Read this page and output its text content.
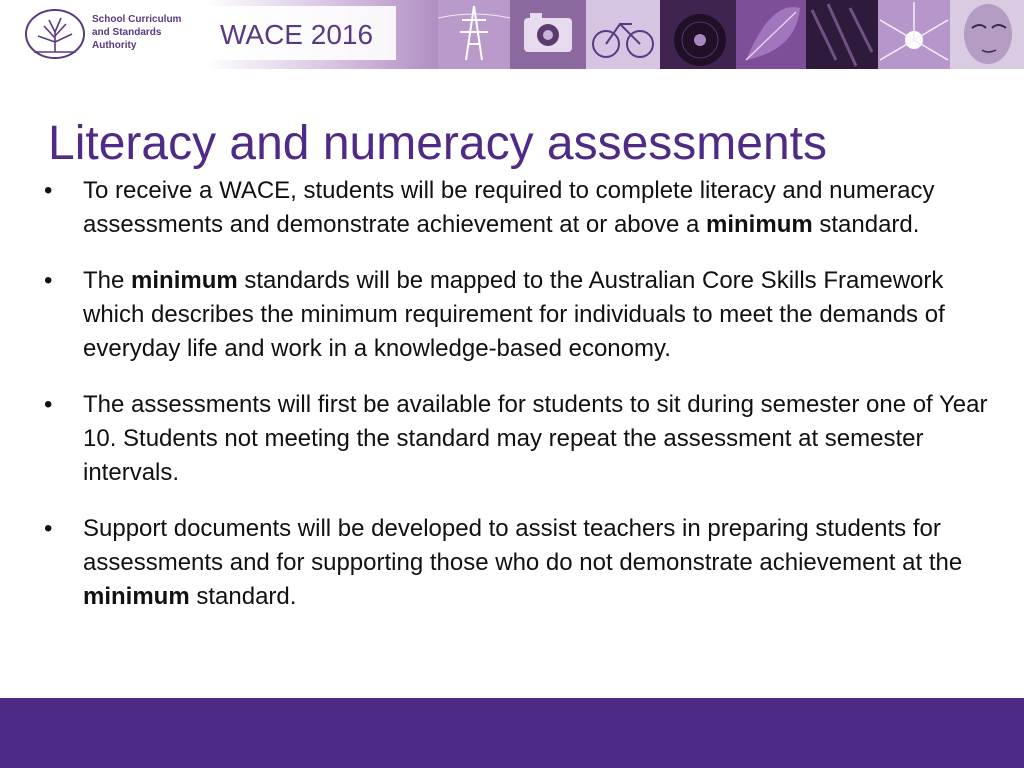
School Curriculum
and Standards
Authority	WACE 2016
Literacy and numeracy assessments
•	To receive a WACE, students will be required to complete literacy and numeracy assessments and demonstrate achievement at or above a minimum standard.
•	The minimum standards will be mapped to the Australian Core Skills Framework which describes the minimum requirement for individuals to meet the demands of everyday life and work in a knowledge-based economy.
•	The assessments will first be available for students to sit during semester one of Year 10. Students not meeting the standard may repeat the assessment at semester intervals.
•	Support documents will be developed to assist teachers in preparing students for assessments and for supporting those who do not demonstrate achievement at the minimum standard.
